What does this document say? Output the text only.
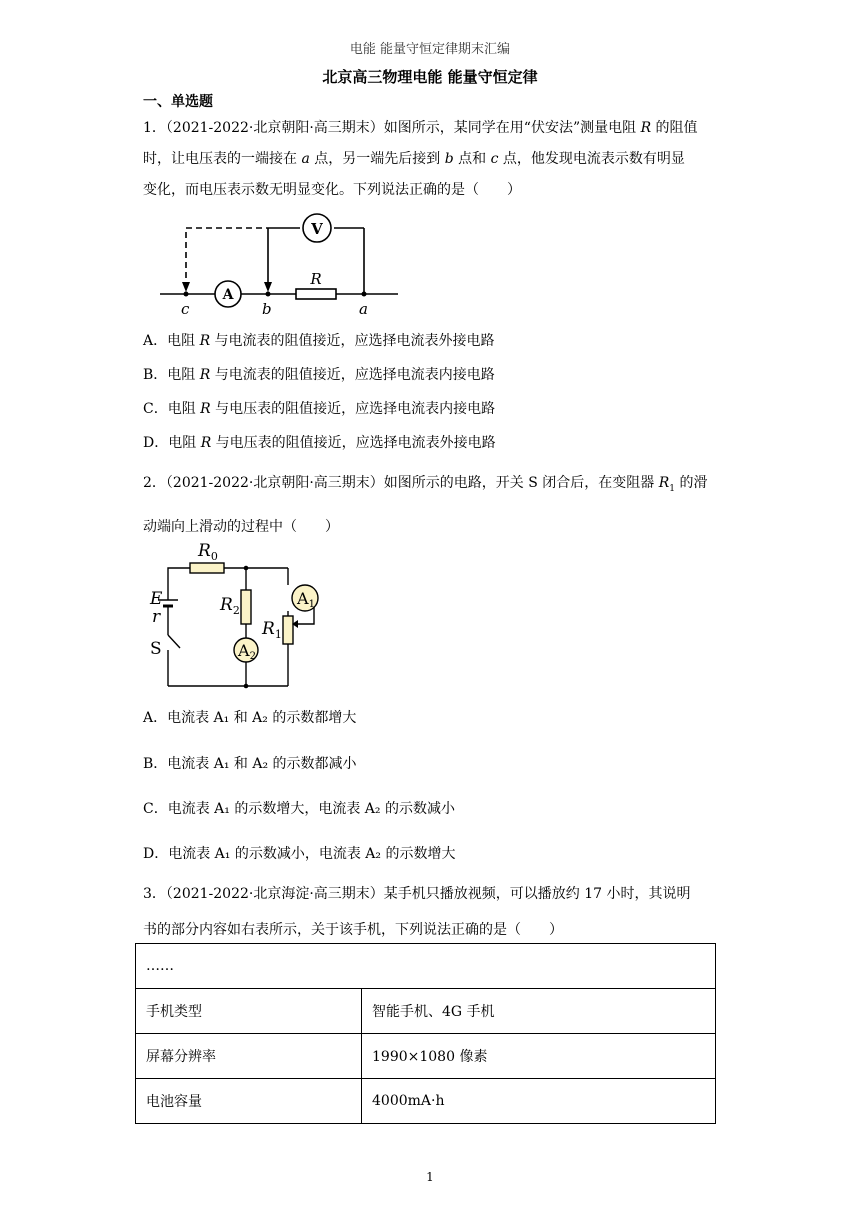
电能 能量守恒定律期末汇编
北京高三物理电能 能量守恒定律
一、单选题
1．（2021-2022·北京朝阳·高三期末）如图所示，某同学在用“伏安法”测量电阻 R 的阻值
时，让电压表的一端接在 a 点，另一端先后接到 b 点和 c 点，他发现电流表示数有明显
变化，而电压表示数无明显变化。下列说法正确的是（　　）
V
A
R
c	b	a
A．电阻 R 与电流表的阻值接近，应选择电流表外接电路
B．电阻 R 与电流表的阻值接近，应选择电流表内接电路
C．电阻 R 与电压表的阻值接近，应选择电流表内接电路
D．电阻 R 与电压表的阻值接近，应选择电流表外接电路
2．（2021-2022·北京朝阳·高三期末）如图所示的电路，开关 S 闭合后，在变阻器 $R_1$ 的滑
动端向上滑动的过程中（　　）
$R_0$
E
r
S
$R_2$
$R_1$
A1
A2
A．电流表 A₁ 和 A₂ 的示数都增大
B．电流表 A₁ 和 A₂ 的示数都减小
C．电流表 A₁ 的示数增大，电流表 A₂ 的示数减小
D．电流表 A₁ 的示数减小，电流表 A₂ 的示数增大
3．（2021-2022·北京海淀·高三期末）某手机只播放视频，可以播放约 17 小时，其说明
书的部分内容如右表所示，关于该手机，下列说法正确的是（　　）
……	
手机类型	智能手机、4G 手机
屏幕分辨率	1990×1080 像素
电池容量	4000mA·h
1
